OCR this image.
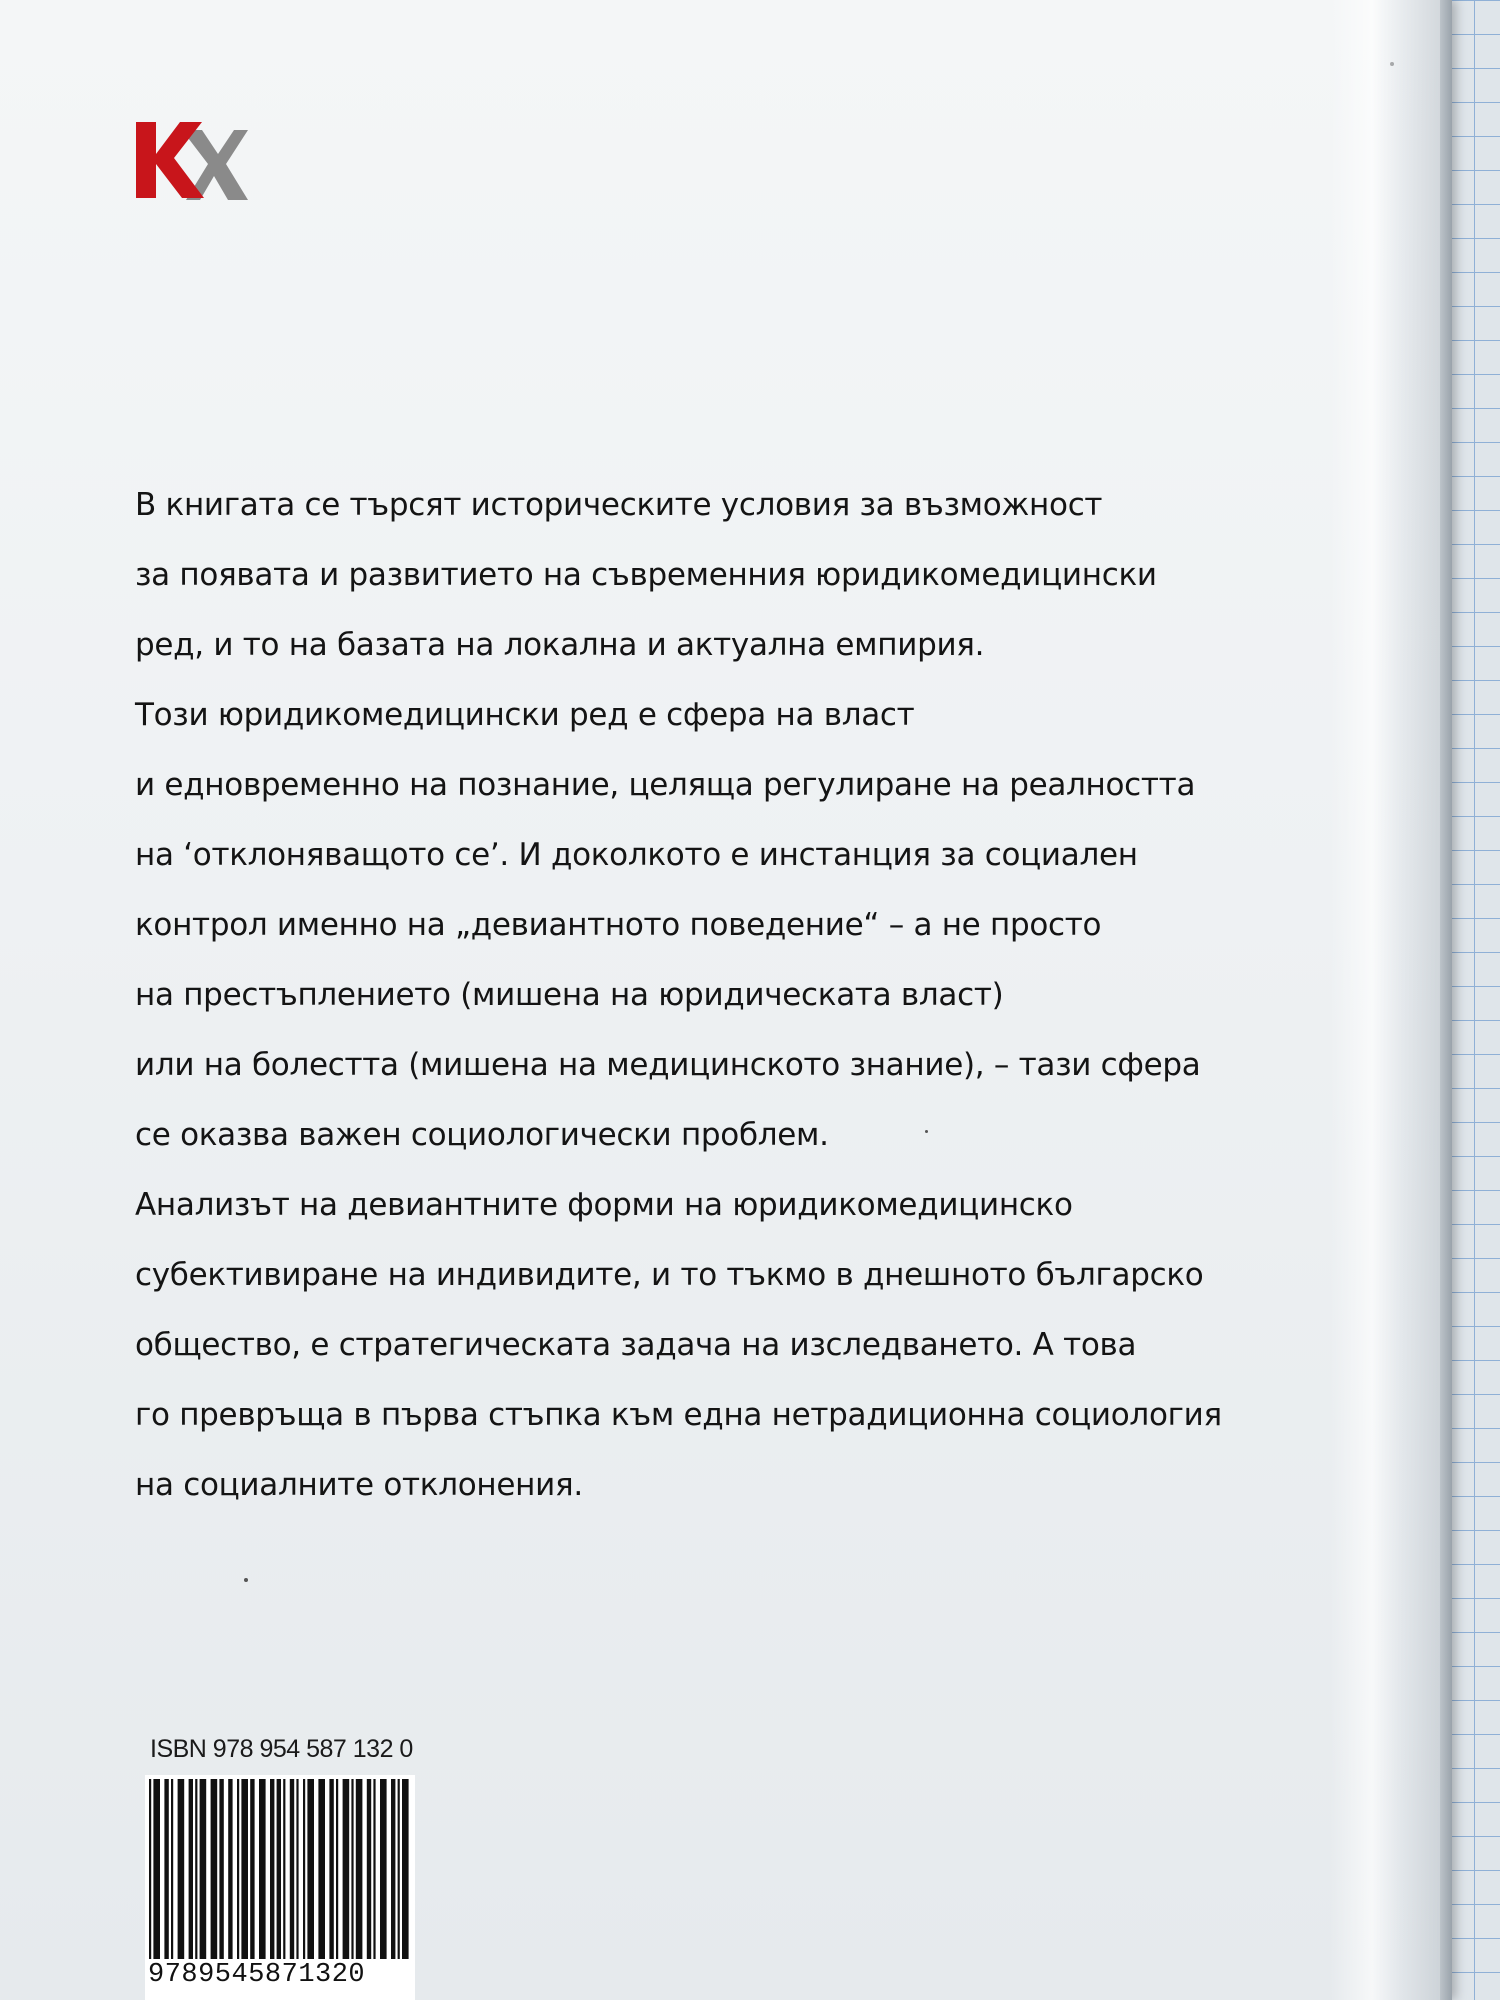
В книгата се търсят историческите условия за възможност
за появата и развитието на съвременния юридикомедицински
ред, и то на базата на локална и актуална емпирия.
Този юридикомедицински ред е сфера на власт
и едновременно на познание, целяща регулиране на реалността
на ‘отклоняващото се’. И доколкото е инстанция за социален
контрол именно на „девиантното поведение“ – а не просто
на престъплението (мишена на юридическата власт)
или на болестта (мишена на медицинското знание), – тази сфера
се оказва важен социологически проблем.
Анализът на девиантните форми на юридикомедицинско
субективиране на индивидите, и то тъкмо в днешното българско
общество, е стратегическата задача на изследването. А това
го превръща в първа стъпка към една нетрадиционна социология
на социалните отклонения.
ISBN 978 954 587 132 0
9789545871320
